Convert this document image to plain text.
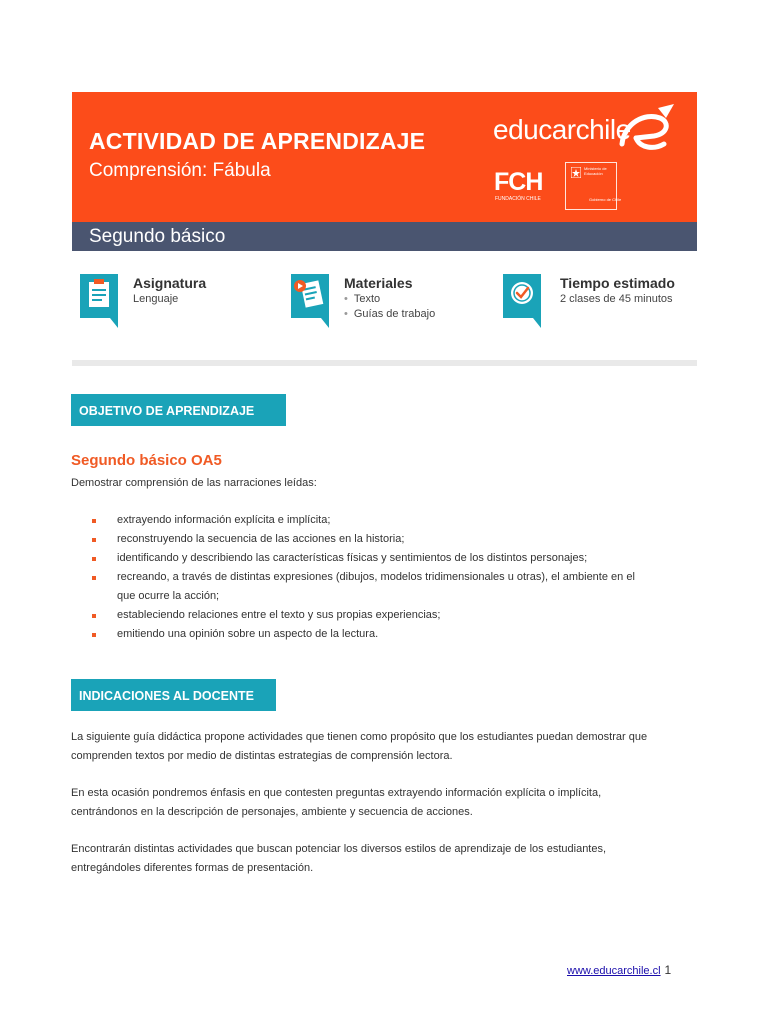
ACTIVIDAD DE APRENDIZAJE
Comprensión: Fábula
educarchile
FCH
FUNDACIÓN CHILE
Ministerio de Educación
Gobierno de Chile
Segundo básico
Asignatura
Lenguaje
Materiales
• Texto
• Guías de trabajo
Tiempo estimado
2 clases de 45 minutos
OBJETIVO DE APRENDIZAJE
Segundo básico OA5
Demostrar comprensión de las narraciones leídas:
extrayendo información explícita e implícita;
reconstruyendo la secuencia de las acciones en la historia;
identificando y describiendo las características físicas y sentimientos de los distintos personajes;
recreando, a través de distintas expresiones (dibujos, modelos tridimensionales u otras), el ambiente en el
que ocurre la acción;
estableciendo relaciones entre el texto y sus propias experiencias;
emitiendo una opinión sobre un aspecto de la lectura.
INDICACIONES AL DOCENTE
La siguiente guía didáctica propone actividades que tienen como propósito que los estudiantes puedan demostrar que
comprenden textos por medio de distintas estrategias de comprensión lectora.
En esta ocasión pondremos énfasis en que contesten preguntas extrayendo información explícita o implícita,
centrándonos en la descripción de personajes, ambiente y secuencia de acciones.
Encontrarán distintas actividades que buscan potenciar los diversos estilos de aprendizaje de los estudiantes,
entregándoles diferentes formas de presentación.
www.educarchile.cl 1
